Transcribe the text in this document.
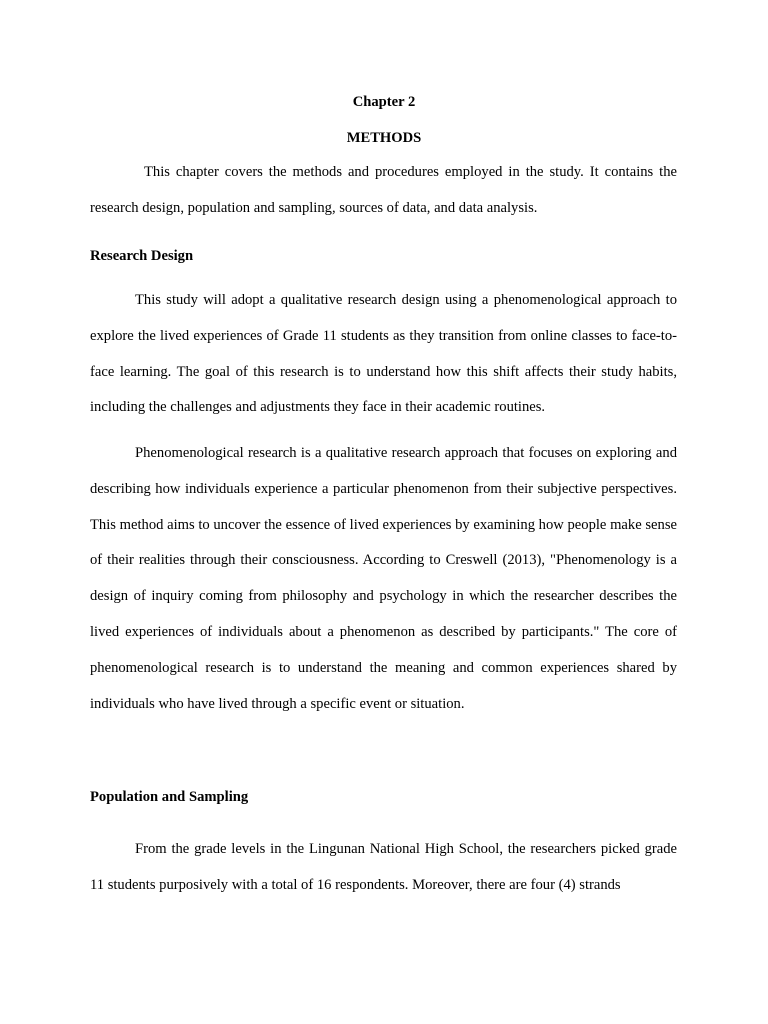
Chapter 2

METHODS

This chapter covers the methods and procedures employed in the study. It contains the research design, population and sampling, sources of data, and data analysis.

Research Design

This study will adopt a qualitative research design using a phenomenological approach to explore the lived experiences of Grade 11 students as they transition from online classes to face-to-face learning. The goal of this research is to understand how this shift affects their study habits, including the challenges and adjustments they face in their academic routines.

Phenomenological research is a qualitative research approach that focuses on exploring and describing how individuals experience a particular phenomenon from their subjective perspectives. This method aims to uncover the essence of lived experiences by examining how people make sense of their realities through their consciousness. According to Creswell (2013), "Phenomenology is a design of inquiry coming from philosophy and psychology in which the researcher describes the lived experiences of individuals about a phenomenon as described by participants." The core of phenomenological research is to understand the meaning and common experiences shared by individuals who have lived through a specific event or situation.

Population and Sampling

From the grade levels in the Lingunan National High School, the researchers picked grade 11 students purposively with a total of 16 respondents. Moreover, there are four (4) strands
